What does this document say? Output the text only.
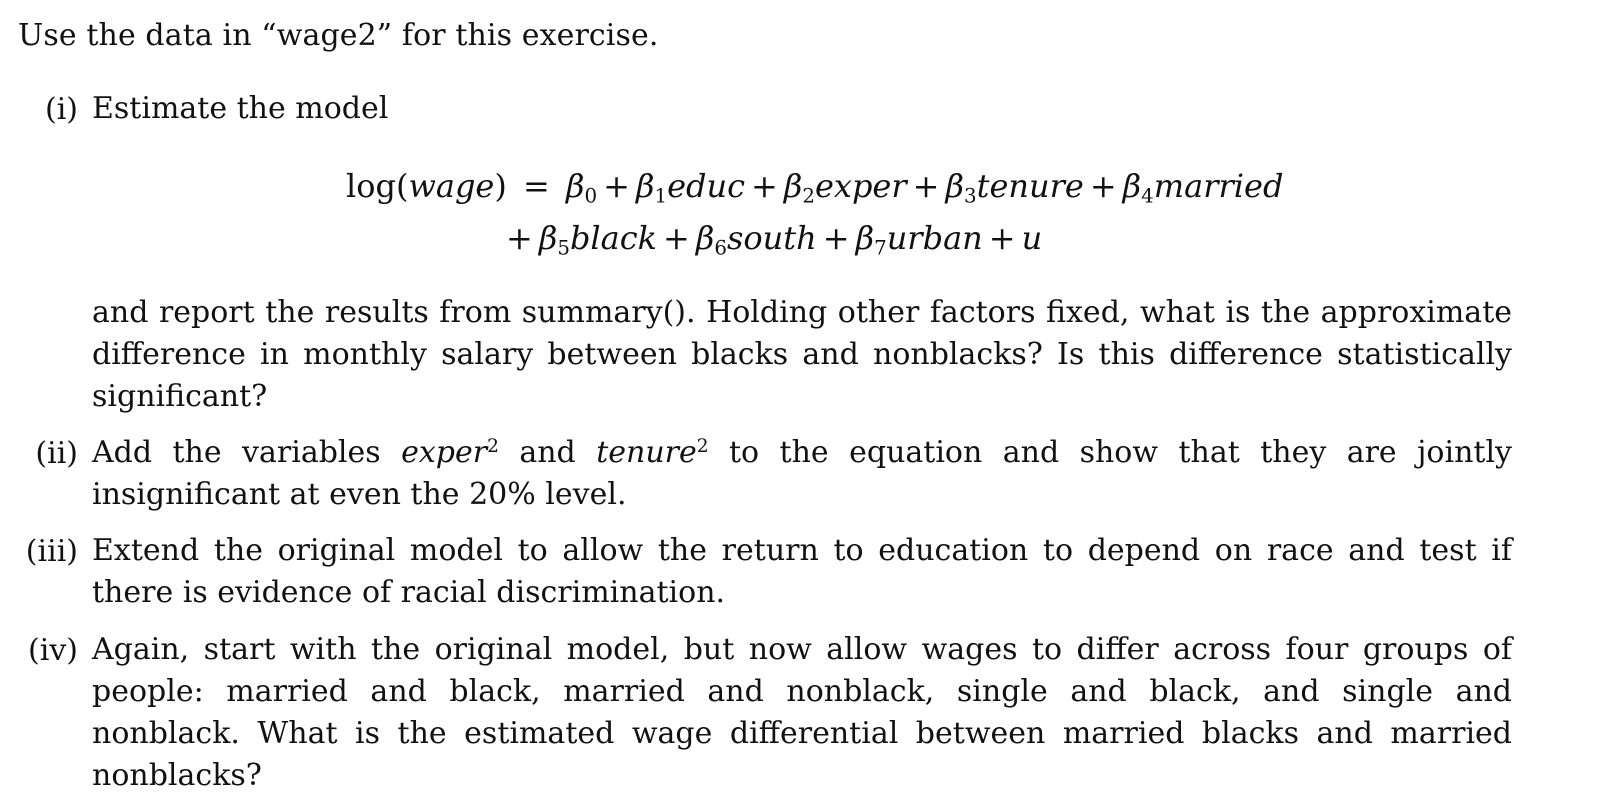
Use the data in “wage2” for this exercise.
(i) Estimate the model
log(wage) = $\beta_0$ + $\beta_1educ$ + $\beta_2exper$ + $\beta_3tenure$ + $\beta_4married$
+ $\beta_5black$ + $\beta_6south$ + $\beta_7urban + u$
and report the results from summary(). Holding other factors fixed, what is the approximate difference in monthly salary between blacks and nonblacks? Is this difference statistically significant?
(ii) Add the variables exper$^2$ and tenure$^2$ to the equation and show that they are jointly insignificant at even the 20% level.
(iii) Extend the original model to allow the return to education to depend on race and test if there is evidence of racial discrimination.
(iv) Again, start with the original model, but now allow wages to differ across four groups of people: married and black, married and nonblack, single and black, and single and nonblack. What is the estimated wage differential between married blacks and married nonblacks?
